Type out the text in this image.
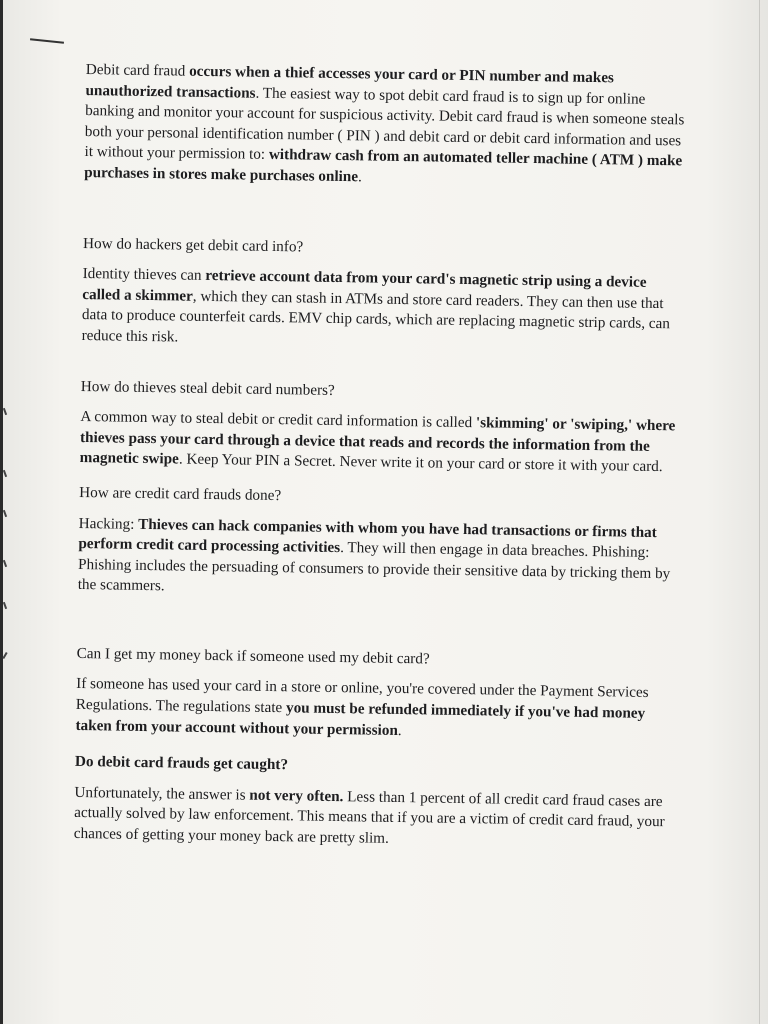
Debit card fraud occurs when a thief accesses your card or PIN number and makes unauthorized transactions. The easiest way to spot debit card fraud is to sign up for online banking and monitor your account for suspicious activity. Debit card fraud is when someone steals both your personal identification number ( PIN ) and debit card or debit card information and uses it without your permission to: withdraw cash from an automated teller machine ( ATM ) make purchases in stores make purchases online.

How do hackers get debit card info?

Identity thieves can retrieve account data from your card's magnetic strip using a device called a skimmer, which they can stash in ATMs and store card readers. They can then use that data to produce counterfeit cards. EMV chip cards, which are replacing magnetic strip cards, can reduce this risk.

How do thieves steal debit card numbers?

A common way to steal debit or credit card information is called 'skimming' or 'swiping,' where thieves pass your card through a device that reads and records the information from the magnetic swipe. Keep Your PIN a Secret. Never write it on your card or store it with your card.

How are credit card frauds done?

Hacking: Thieves can hack companies with whom you have had transactions or firms that perform credit card processing activities. They will then engage in data breaches. Phishing: Phishing includes the persuading of consumers to provide their sensitive data by tricking them by the scammers.

Can I get my money back if someone used my debit card?

If someone has used your card in a store or online, you're covered under the Payment Services Regulations. The regulations state you must be refunded immediately if you've had money taken from your account without your permission.

Do debit card frauds get caught?

Unfortunately, the answer is not very often. Less than 1 percent of all credit card fraud cases are actually solved by law enforcement. This means that if you are a victim of credit card fraud, your chances of getting your money back are pretty slim.
